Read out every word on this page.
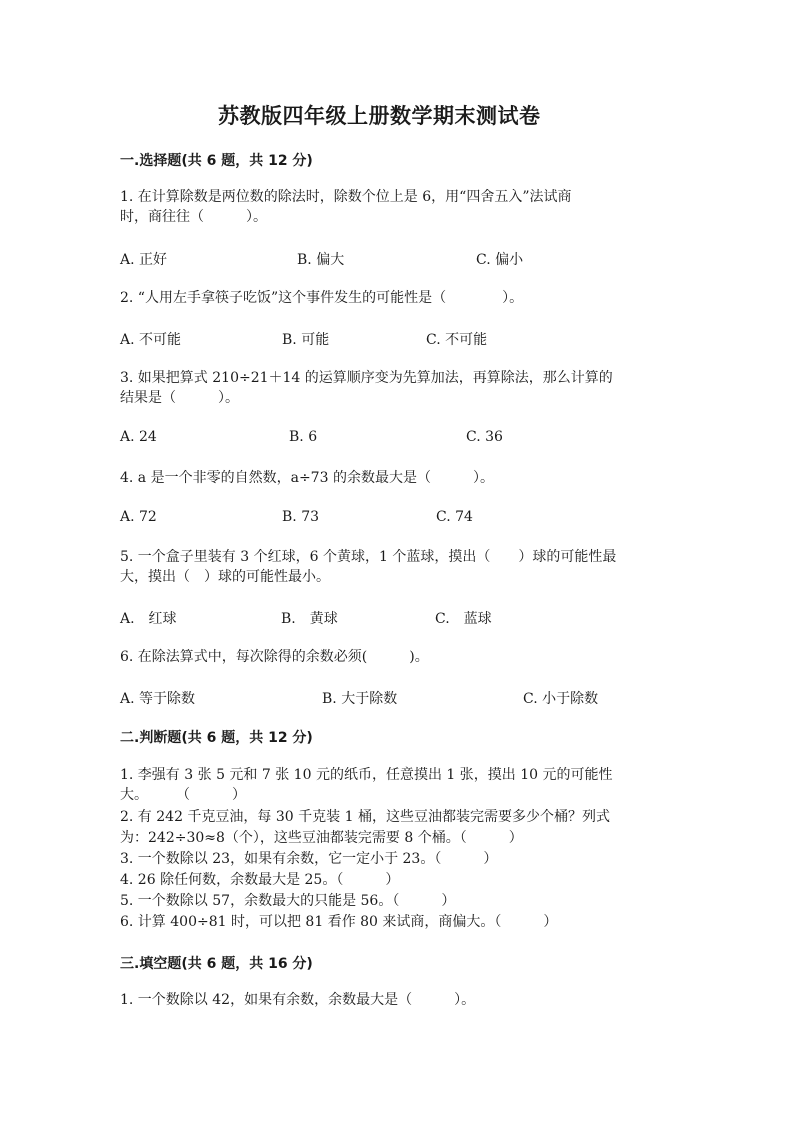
苏教版四年级上册数学期末测试卷
一.选择题(共 6 题，共 12 分)
1. 在计算除数是两位数的除法时，除数个位上是 6，用“四舍五入”法试商
时，商往往（　　　）。
A. 正好	B. 偏大	C. 偏小
2. “人用左手拿筷子吃饭”这个事件发生的可能性是（　　　　）。
A. 不可能	B. 可能	C. 不可能
3. 如果把算式 210÷21＋14 的运算顺序变为先算加法，再算除法，那么计算的
结果是（　　　）。
A. 24	B. 6	C. 36
4. a 是一个非零的自然数，a÷73 的余数最大是（　　　）。
A. 72	B. 73	C. 74
5. 一个盒子里装有 3 个红球，6 个黄球，1 个蓝球，摸出（　　）球的可能性最
大，摸出（　）球的可能性最小。
A.　红球	B.　黄球	C.　蓝球
6. 在除法算式中，每次除得的余数必须(　　　)。
A. 等于除数	B. 大于除数	C. 小于除数
二.判断题(共 6 题，共 12 分)
1. 李强有 3 张 5 元和 7 张 10 元的纸币，任意摸出 1 张，摸出 10 元的可能性
大。　　　（　　　）
2. 有 242 千克豆油，每 30 千克装 1 桶，这些豆油都装完需要多少个桶？列式
为：242÷30≈8（个），这些豆油都装完需要 8 个桶。（　　　）
3. 一个数除以 23，如果有余数，它一定小于 23。（　　　）
4. 26 除任何数，余数最大是 25。（　　　）
5. 一个数除以 57，余数最大的只能是 56。（　　　）
6. 计算 400÷81 时，可以把 81 看作 80 来试商，商偏大。（　　　）
三.填空题(共 6 题，共 16 分)
1. 一个数除以 42，如果有余数，余数最大是（　　　）。
